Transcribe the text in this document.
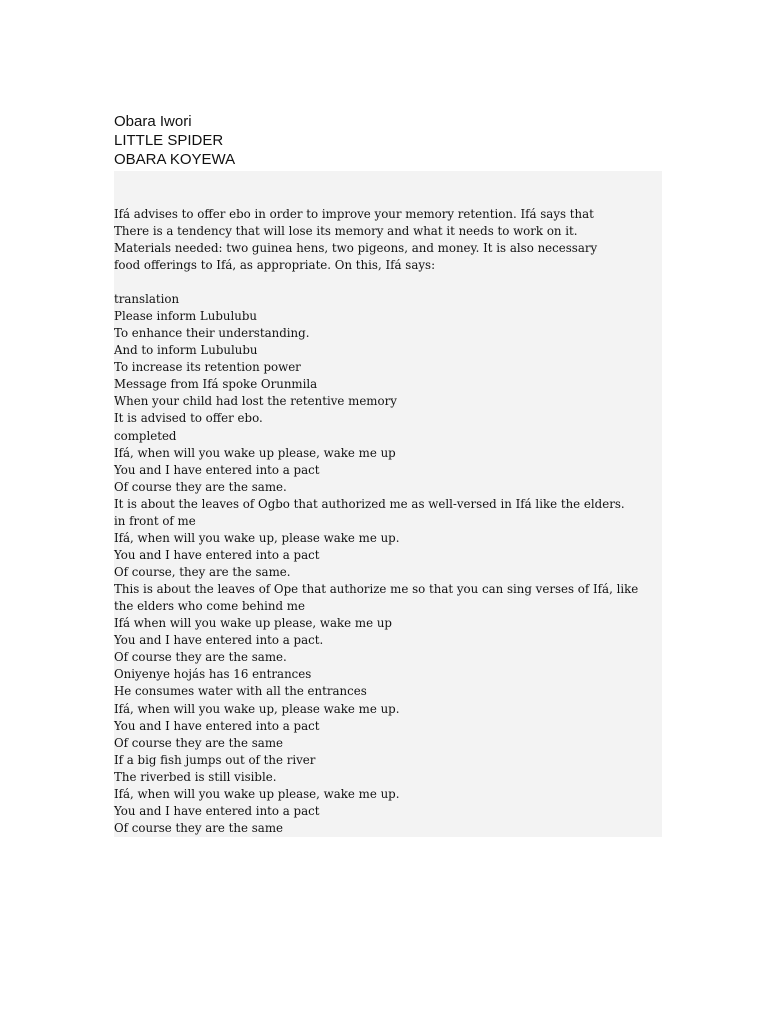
Obara Iwori
LITTLE SPIDER
OBARA KOYEWA
Ifá advises to offer ebo in order to improve your memory retention. Ifá says that
There is a tendency that will lose its memory and what it needs to work on it.
Materials needed: two guinea hens, two pigeons, and money. It is also necessary
food offerings to Ifá, as appropriate. On this, Ifá says:
translation
Please inform Lubulubu
To enhance their understanding.
And to inform Lubulubu
To increase its retention power
Message from Ifá spoke Orunmila
When your child had lost the retentive memory
It is advised to offer ebo.
completed
Ifá, when will you wake up please, wake me up
You and I have entered into a pact
Of course they are the same.
It is about the leaves of Ogbo that authorized me as well-versed in Ifá like the elders.
in front of me
Ifá, when will you wake up, please wake me up.
You and I have entered into a pact
Of course, they are the same.
This is about the leaves of Ope that authorize me so that you can sing verses of Ifá, like
the elders who come behind me
Ifá when will you wake up please, wake me up
You and I have entered into a pact.
Of course they are the same.
Oniyenye hojás has 16 entrances
He consumes water with all the entrances
Ifá, when will you wake up, please wake me up.
You and I have entered into a pact
Of course they are the same
If a big fish jumps out of the river
The riverbed is still visible.
Ifá, when will you wake up please, wake me up.
You and I have entered into a pact
Of course they are the same
